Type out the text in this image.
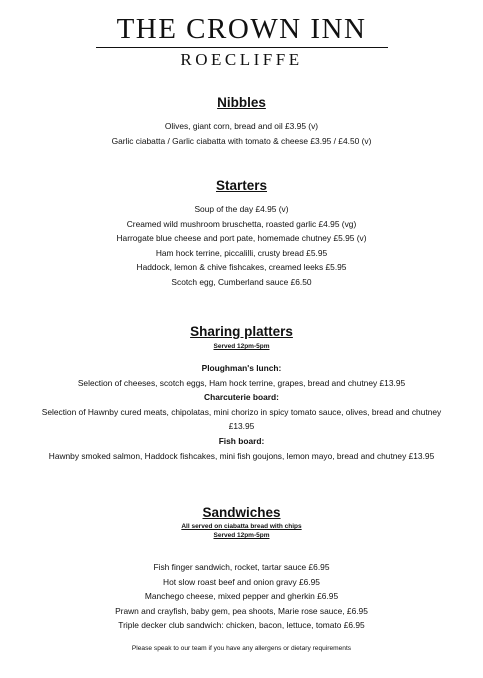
THE CROWN INN
ROECLIFFE
Nibbles
Olives, giant corn, bread and oil £3.95 (v)
Garlic ciabatta / Garlic ciabatta with tomato & cheese £3.95 / £4.50 (v)
Starters
Soup of the day £4.95 (v)
Creamed wild mushroom bruschetta, roasted garlic £4.95 (vg)
Harrogate blue cheese and port pate, homemade chutney £5.95 (v)
Ham hock terrine, piccalilli, crusty bread £5.95
Haddock, lemon & chive fishcakes, creamed leeks £5.95
Scotch egg, Cumberland sauce £6.50
Sharing platters
Served 12pm-5pm
Ploughman's lunch:
Selection of cheeses, scotch eggs, Ham hock terrine, grapes, bread and chutney £13.95
Charcuterie board:
Selection of Hawnby cured meats, chipolatas, mini chorizo in spicy tomato sauce, olives, bread and chutney £13.95
Fish board:
Hawnby smoked salmon, Haddock fishcakes, mini fish goujons, lemon mayo, bread and chutney £13.95
Sandwiches
All served on ciabatta bread with chips
Served 12pm-5pm
Fish finger sandwich, rocket, tartar sauce £6.95
Hot slow roast beef and onion gravy £6.95
Manchego cheese, mixed pepper and gherkin £6.95
Prawn and crayfish, baby gem, pea shoots, Marie rose sauce, £6.95
Triple decker club sandwich: chicken, bacon, lettuce, tomato £6.95
Please speak to our team if you have any allergens or dietary requirements
